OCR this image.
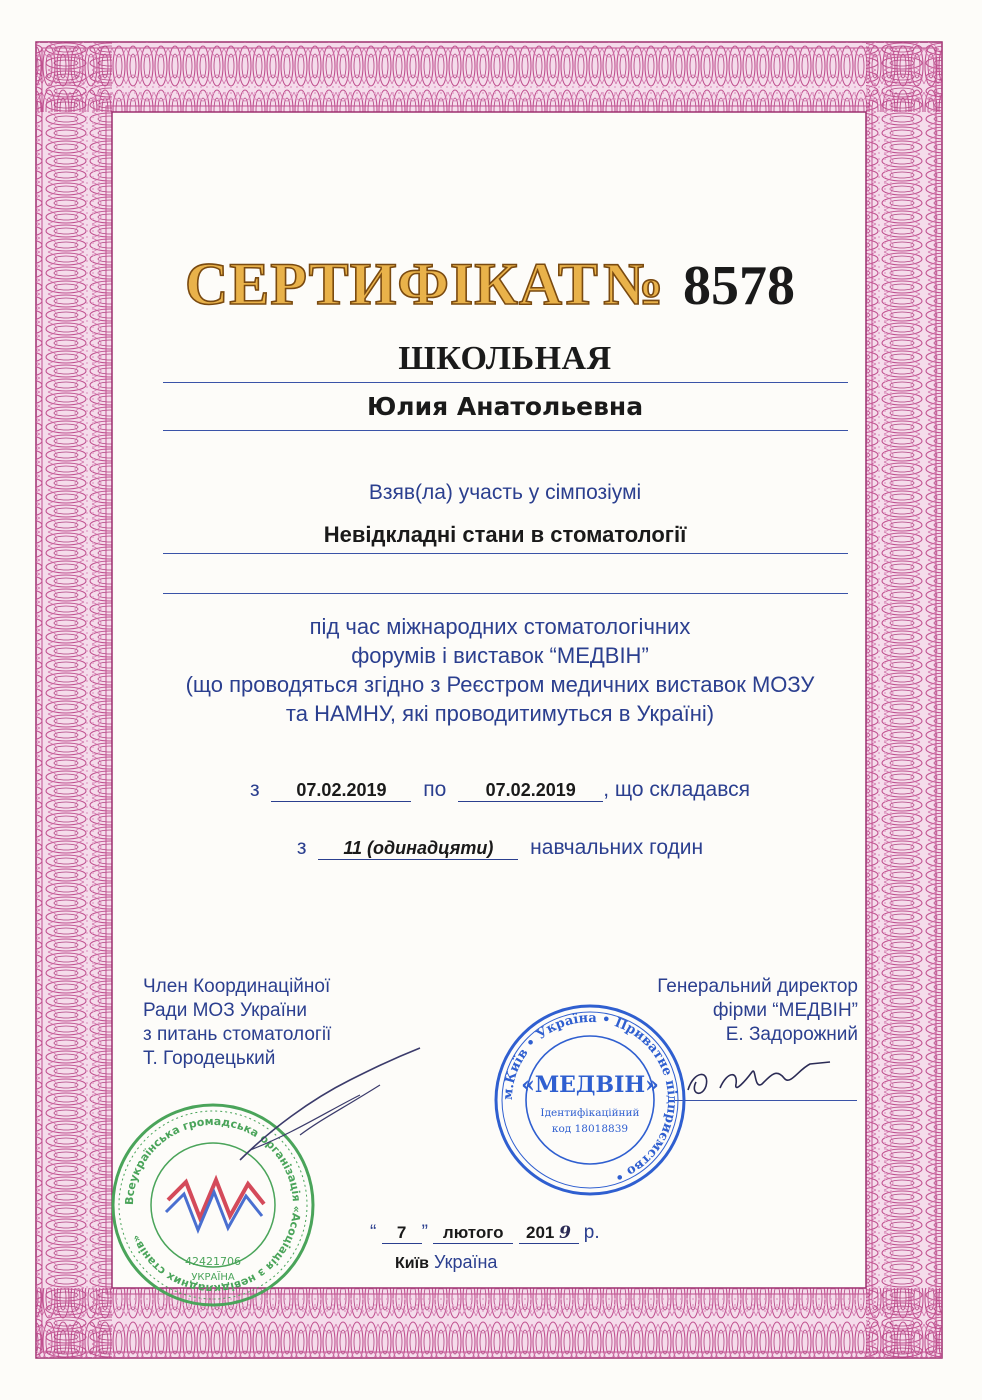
СЕРТИФІКАТ № 8578
ШКОЛЬНАЯ
Юлия Анатольевна
Взяв(ла) участь у сімпозіумі
Невідкладні стани в стоматології
під час міжнародних стоматологічних
форумів і виставок “МЕДВІН”
(що проводяться згідно з Реєстром медичних виставок МОЗУ
та НАМНУ, які проводитимуться в Україні)
з 07.02.2019 по 07.02.2019 , що складався
з 11 (одинадцяти) навчальних годин
Член Координаційної
Ради МОЗ України
з питань стоматології
Т. Городецький
Генеральний директор
фірми “МЕДВІН”
Е. Задорожний
Всеукраїнська громадська організація «Асоціація з невідкладних станів»
42421706
УКРАЇНА
м.Київ • Україна • Приватне підприємство •
«МЕДВІН»
Ідентифікаційний
код 18018839
“ 7 ” лютого 201 9 р.
Київ Україна
